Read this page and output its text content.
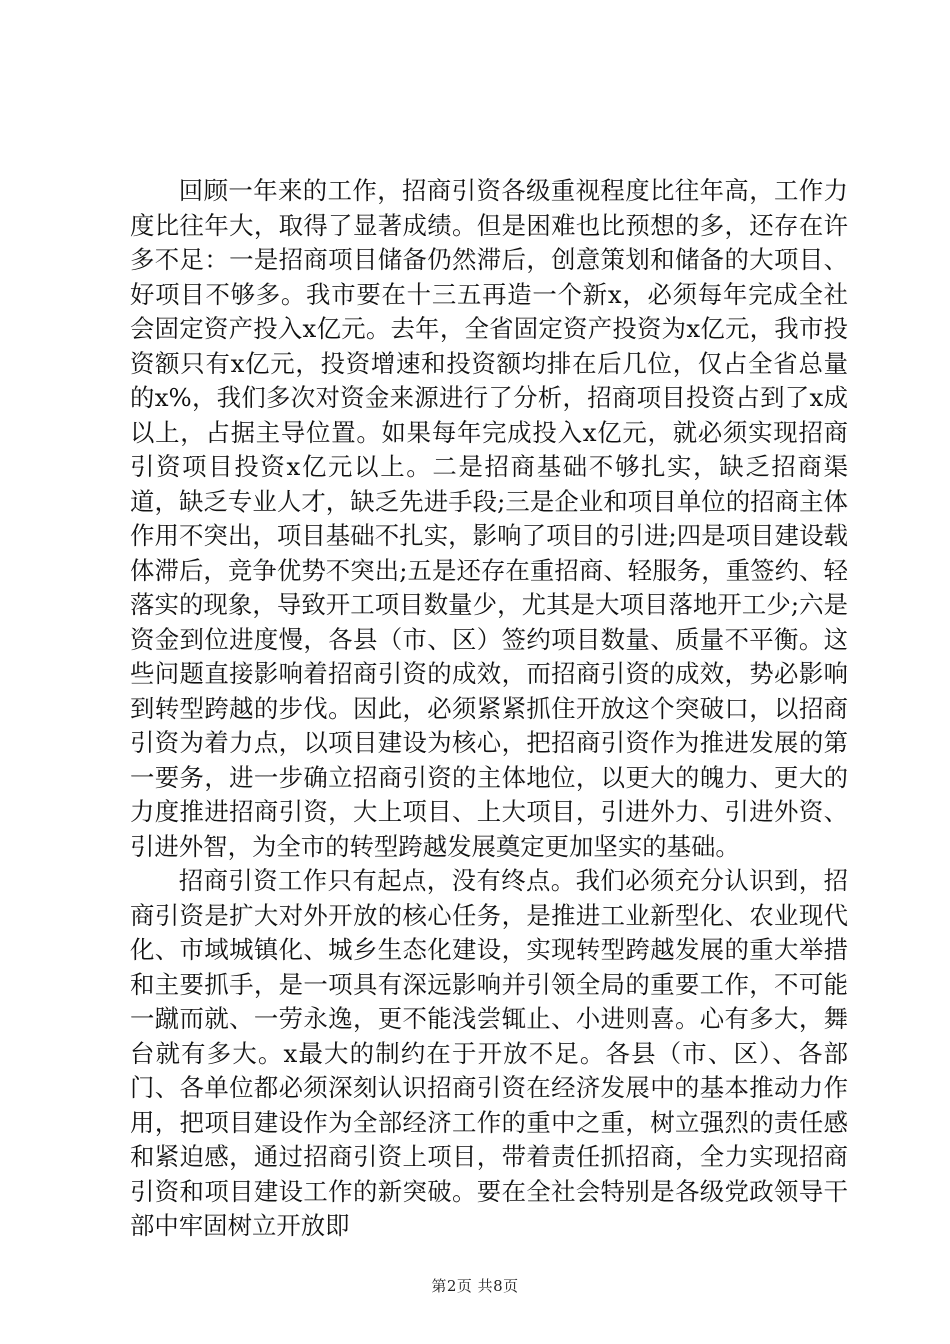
回顾一年来的工作，招商引资各级重视程度比往年高，工作力度比往年大，取得了显著成绩。但是困难也比预想的多，还存在许多不足：一是招商项目储备仍然滞后，创意策划和储备的大项目、好项目不够多。我市要在十三五再造一个新x，必须每年完成全社会固定资产投入x亿元。去年，全省固定资产投资为x亿元，我市投资额只有x亿元，投资增速和投资额均排在后几位，仅占全省总量的x%，我们多次对资金来源进行了分析，招商项目投资占到了x成以上，占据主导位置。如果每年完成投入x亿元，就必须实现招商引资项目投资x亿元以上。二是招商基础不够扎实，缺乏招商渠道，缺乏专业人才，缺乏先进手段;三是企业和项目单位的招商主体作用不突出，项目基础不扎实，影响了项目的引进;四是项目建设载体滞后，竞争优势不突出;五是还存在重招商、轻服务，重签约、轻落实的现象，导致开工项目数量少，尤其是大项目落地开工少;六是资金到位进度慢，各县（市、区）签约项目数量、质量不平衡。这些问题直接影响着招商引资的成效，而招商引资的成效，势必影响到转型跨越的步伐。因此，必须紧紧抓住开放这个突破口，以招商引资为着力点，以项目建设为核心，把招商引资作为推进发展的第一要务，进一步确立招商引资的主体地位，以更大的魄力、更大的力度推进招商引资，大上项目、上大项目，引进外力、引进外资、引进外智，为全市的转型跨越发展奠定更加坚实的基础。

招商引资工作只有起点，没有终点。我们必须充分认识到，招商引资是扩大对外开放的核心任务，是推进工业新型化、农业现代化、市域城镇化、城乡生态化建设，实现转型跨越发展的重大举措和主要抓手，是一项具有深远影响并引领全局的重要工作，不可能一蹴而就、一劳永逸，更不能浅尝辄止、小进则喜。心有多大，舞台就有多大。x最大的制约在于开放不足。各县（市、区）、各部门、各单位都必须深刻认识招商引资在经济发展中的基本推动力作用，把项目建设作为全部经济工作的重中之重，树立强烈的责任感和紧迫感，通过招商引资上项目，带着责任抓招商，全力实现招商引资和项目建设工作的新突破。要在全社会特别是各级党政领导干部中牢固树立开放即

第2页 共8页
